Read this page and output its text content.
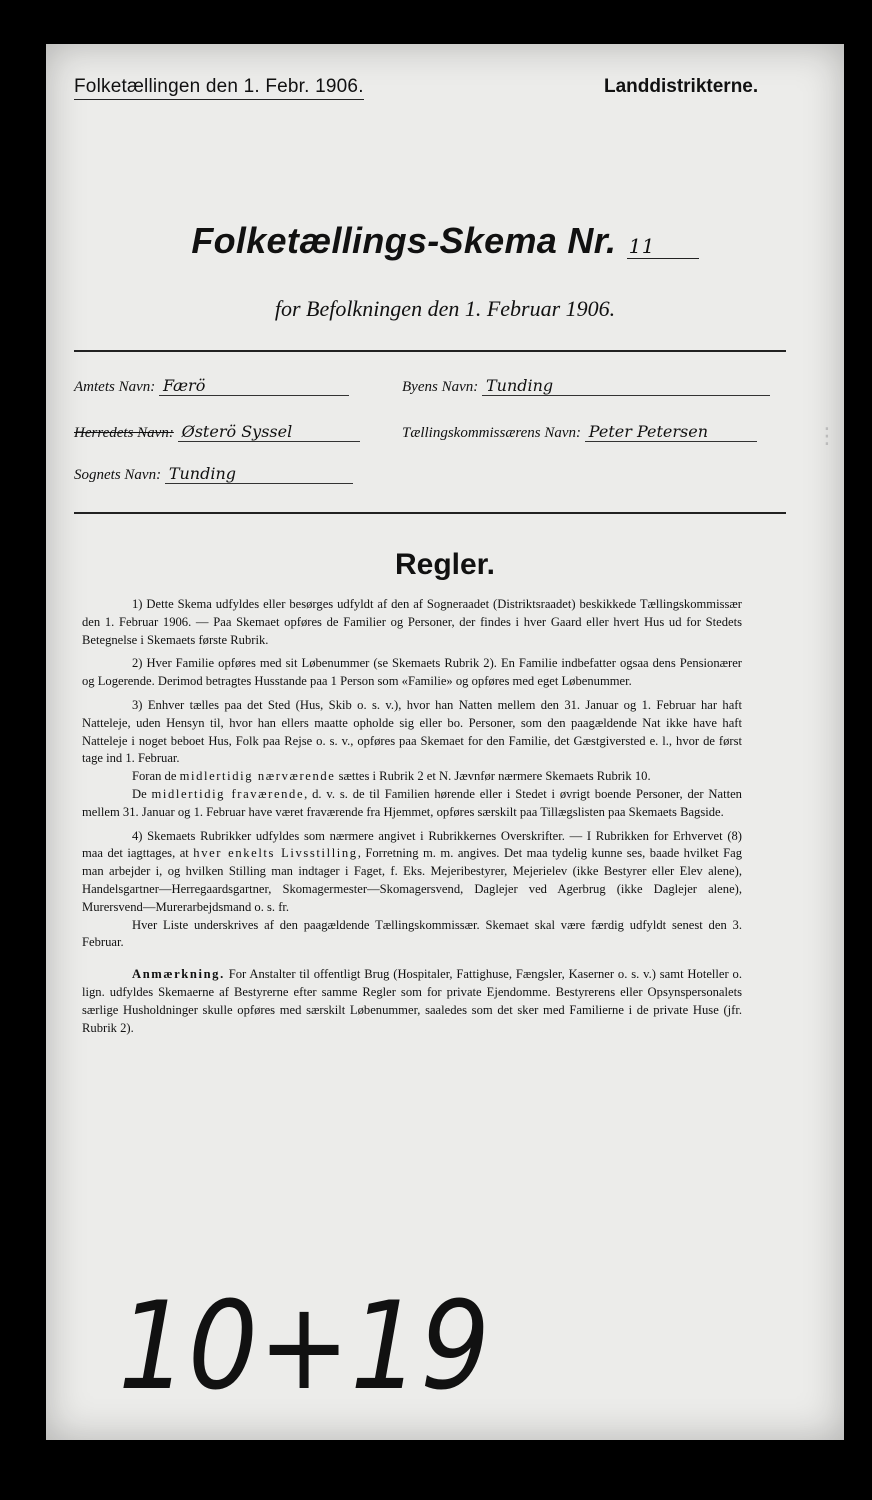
Folketællingen den 1. Febr. 1906.	Landdistrikterne.
Folketællings-Skema Nr. 11
for Befolkningen den 1. Februar 1906.
Amtets Navn: Færö	Byens Navn: Tunding
Herredets Navn: Østerö Syssel	Tællingskommissærens Navn: Peter Petersen
Sognets Navn: Tunding
Regler.

1) Dette Skema udfyldes eller besørges udfyldt af den af Sogneraadet (Distriktsraadet) beskikkede Tællingskommissær den 1. Februar 1906. — Paa Skemaet opføres de Familier og Personer, der findes i hver Gaard eller hvert Hus ud for Stedets Betegnelse i Skemaets første Rubrik.

2) Hver Familie opføres med sit Løbenummer (se Skemaets Rubrik 2). En Familie indbefatter ogsaa dens Pensionærer og Logerende. Derimod betragtes Husstande paa 1 Person som «Familie» og opføres med eget Løbenummer.

3) Enhver tælles paa det Sted (Hus, Skib o. s. v.), hvor han Natten mellem den 31. Januar og 1. Februar har haft Natteleje, uden Hensyn til, hvor han ellers maatte opholde sig eller bo. Personer, som den paagældende Nat ikke have haft Natteleje i noget beboet Hus, Folk paa Rejse o. s. v., opføres paa Skemaet for den Familie, det Gæstgiversted e. l., hvor de først tage ind 1. Februar.

Foran de midlertidig nærværende sættes i Rubrik 2 et N. Jævnfør nærmere Skemaets Rubrik 10.

De midlertidig fraværende, d. v. s. de til Familien hørende eller i Stedet i øvrigt boende Personer, der Natten mellem 31. Januar og 1. Februar have været fraværende fra Hjemmet, opføres særskilt paa Tillægslisten paa Skemaets Bagside.

4) Skemaets Rubrikker udfyldes som nærmere angivet i Rubrikkernes Overskrifter. — I Rubrikken for Erhvervet (8) maa det iagttages, at hver enkelts Livsstilling, Forretning m. m. angives. Det maa tydelig kunne ses, baade hvilket Fag man arbejder i, og hvilken Stilling man indtager i Faget, f. Eks. Mejeribestyrer, Mejerielev (ikke Bestyrer eller Elev alene), Handelsgartner—Herregaardsgartner, Skomagermester—Skomagersvend, Daglejer ved Agerbrug (ikke Daglejer alene), Murersvend—Murerarbejdsmand o. s. fr.

Hver Liste underskrives af den paagældende Tællingskommissær. Skemaet skal være færdig udfyldt senest den 3. Februar.

Anmærkning. For Anstalter til offentligt Brug (Hospitaler, Fattighuse, Fængsler, Kaserner o. s. v.) samt Hoteller o. lign. udfyldes Skemaerne af Bestyrerne efter samme Regler som for private Ejendomme. Bestyrerens eller Opsynspersonalets særlige Husholdninger skulle opføres med særskilt Løbenummer, saaledes som det sker med Familierne i de private Huse (jfr. Rubrik 2).

10+19
⋮
